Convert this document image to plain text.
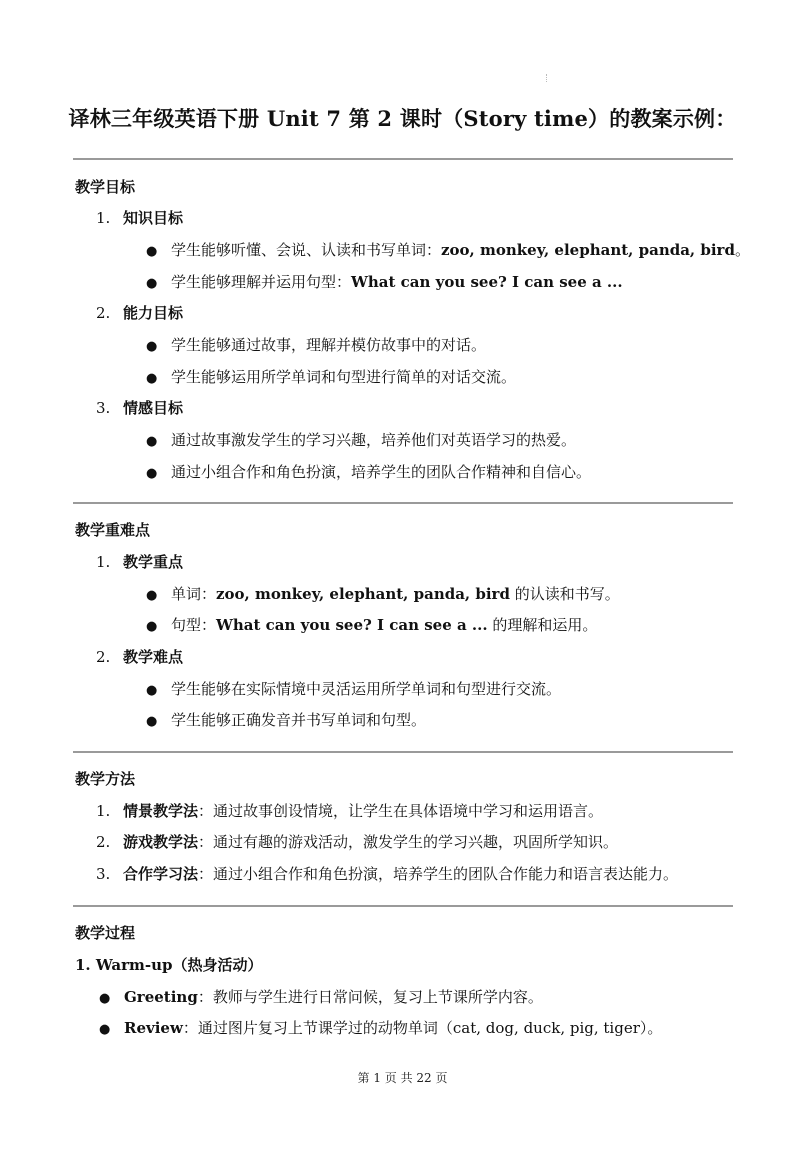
译林三年级英语下册 Unit 7 第 2 课时（Story time）的教案示例：
教学目标
1. 知识目标
● 学生能够听懂、会说、认读和书写单词：zoo, monkey, elephant, panda, bird。
● 学生能够理解并运用句型：What can you see? I can see a ...
2. 能力目标
● 学生能够通过故事，理解并模仿故事中的对话。
● 学生能够运用所学单词和句型进行简单的对话交流。
3. 情感目标
● 通过故事激发学生的学习兴趣，培养他们对英语学习的热爱。
● 通过小组合作和角色扮演，培养学生的团队合作精神和自信心。
教学重难点
1. 教学重点
● 单词：zoo, monkey, elephant, panda, bird 的认读和书写。
● 句型：What can you see? I can see a ... 的理解和运用。
2. 教学难点
● 学生能够在实际情境中灵活运用所学单词和句型进行交流。
● 学生能够正确发音并书写单词和句型。
教学方法
1. 情景教学法：通过故事创设情境，让学生在具体语境中学习和运用语言。
2. 游戏教学法：通过有趣的游戏活动，激发学生的学习兴趣，巩固所学知识。
3. 合作学习法：通过小组合作和角色扮演，培养学生的团队合作能力和语言表达能力。
教学过程
1. Warm-up（热身活动）
● Greeting：教师与学生进行日常问候，复习上节课所学内容。
● Review：通过图片复习上节课学过的动物单词（cat, dog, duck, pig, tiger）。
第 1 页 共 22 页
